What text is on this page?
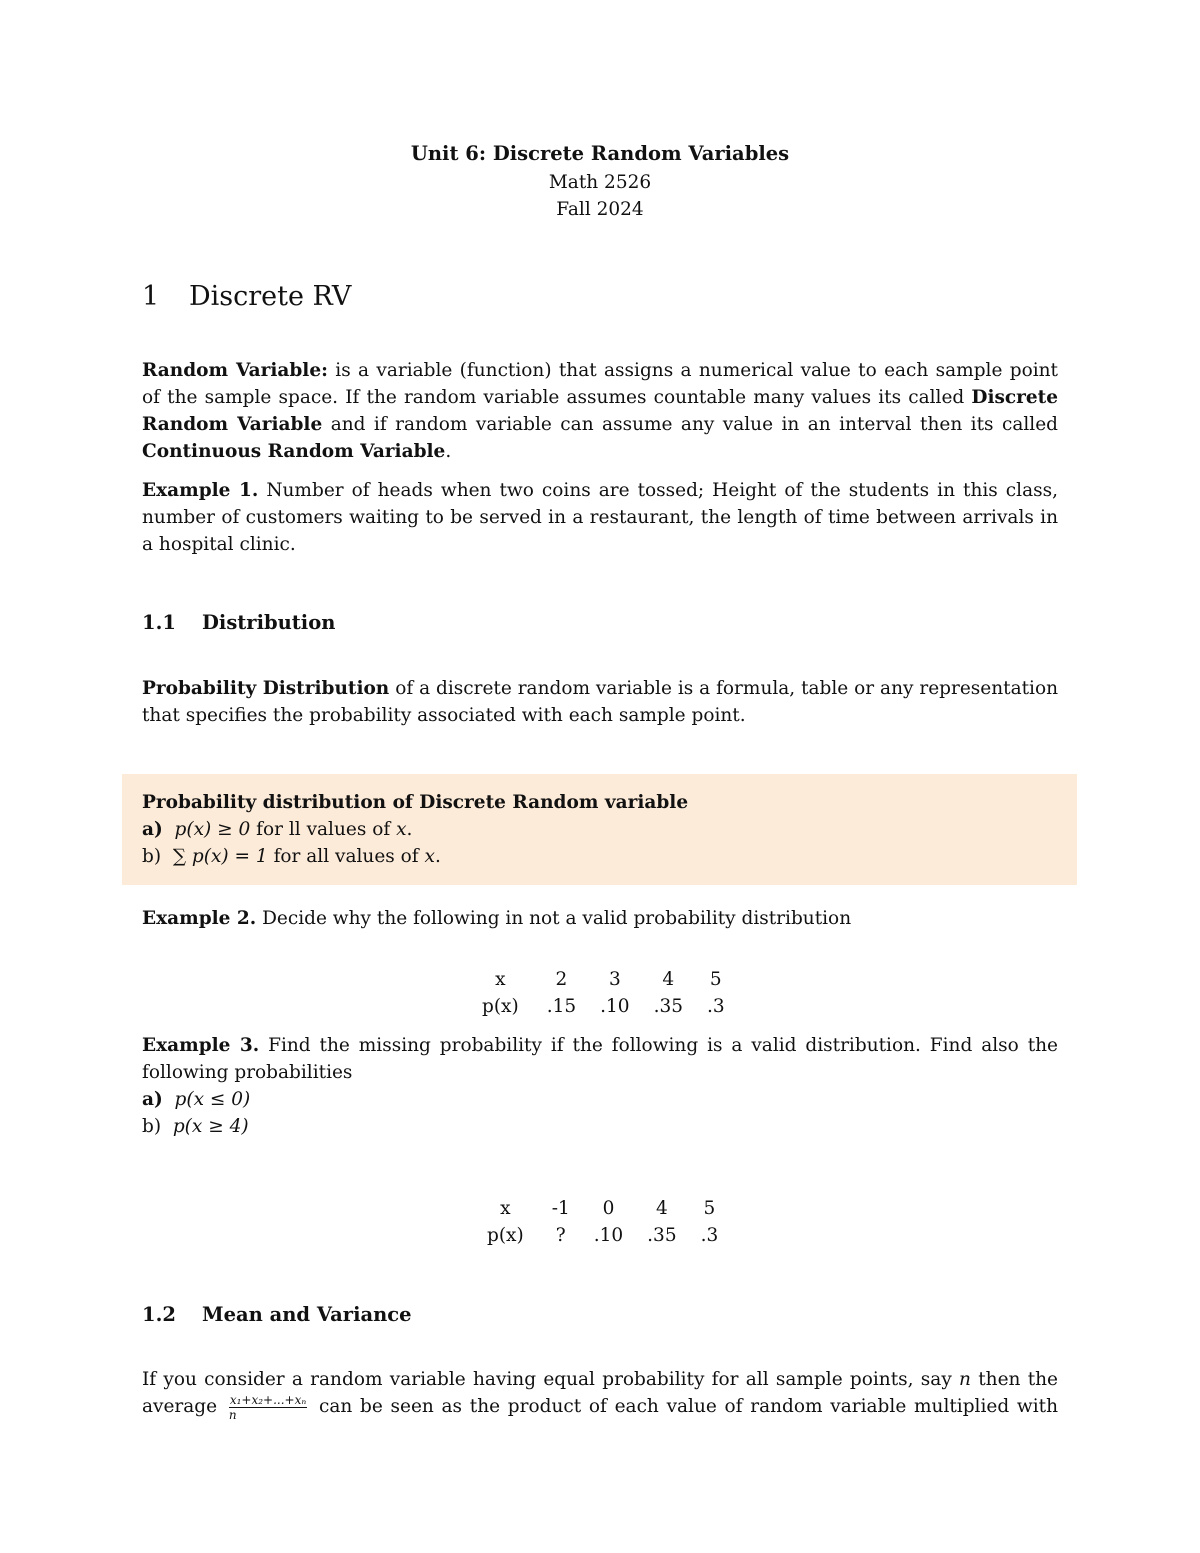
Unit 6: Discrete Random Variables
Math 2526
Fall 2024
1 Discrete RV
Random Variable: is a variable (function) that assigns a numerical value to each sample point of the sample space. If the random variable assumes countable many values its called Discrete Random Variable and if random variable can assume any value in an interval then its called Continuous Random Variable.
Example 1. Number of heads when two coins are tossed; Height of the students in this class, number of customers waiting to be served in a restaurant, the length of time between arrivals in a hospital clinic.
1.1 Distribution
Probability Distribution of a discrete random variable is a formula, table or any representation that specifies the probability associated with each sample point.
Probability distribution of Discrete Random variable
a) p(x) ≥ 0 for ll values of x.
b) ∑ p(x) = 1 for all values of x.
Example 2. Decide why the following in not a valid probability distribution
x	2	3	4	5
p(x)	.15	.10	.35	.3
Example 3. Find the missing probability if the following is a valid distribution. Find also the following probabilities
a) p(x ≤ 0)
b) p(x ≥ 4)
x	-1	0	4	5
p(x)	?	.10	.35	.3
1.2 Mean and Variance
If you consider a random variable having equal probability for all sample points, say n then the
average $\frac{\text{x₁+x₂+...+xₙ}}{n}$ can be seen as the product of each value of random variable multiplied with
